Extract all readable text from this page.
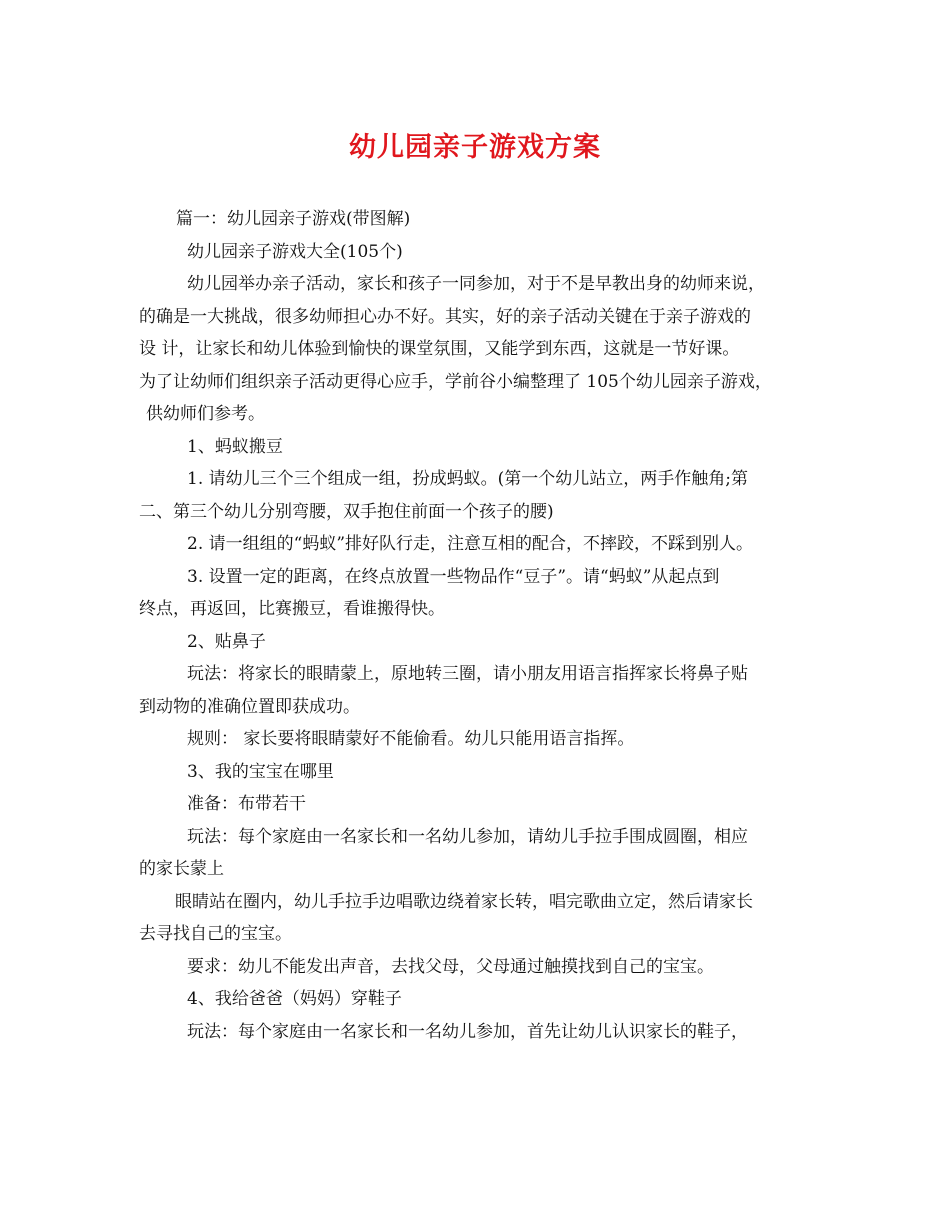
幼儿园亲子游戏方案

篇一：幼儿园亲子游戏(带图解)

幼儿园亲子游戏大全(105个)

幼儿园举办亲子活动，家长和孩子一同参加，对于不是早教出身的幼师来说，

的确是一大挑战，很多幼师担心办不好。其实，好的亲子活动关键在于亲子游戏的

设 计，让家长和幼儿体验到愉快的课堂氛围，又能学到东西，这就是一节好课。

为了让幼师们组织亲子活动更得心应手，学前谷小编整理了 105个幼儿园亲子游戏，

供幼师们参考。

1、蚂蚁搬豆

1. 请幼儿三个三个组成一组，扮成蚂蚁。(第一个幼儿站立，两手作触角;第

二、第三个幼儿分别弯腰，双手抱住前面一个孩子的腰)

2. 请一组组的“蚂蚁”排好队行走，注意互相的配合，不摔跤，不踩到别人。

3. 设置一定的距离，在终点放置一些物品作“豆子”。请“蚂蚁”从起点到

终点，再返回，比赛搬豆，看谁搬得快。

2、贴鼻子

玩法：将家长的眼睛蒙上，原地转三圈，请小朋友用语言指挥家长将鼻子贴

到动物的准确位置即获成功。

规则： 家长要将眼睛蒙好不能偷看。幼儿只能用语言指挥。

3、我的宝宝在哪里

准备：布带若干

玩法：每个家庭由一名家长和一名幼儿参加，请幼儿手拉手围成圆圈，相应

的家长蒙上

眼睛站在圈内，幼儿手拉手边唱歌边绕着家长转，唱完歌曲立定，然后请家长

去寻找自己的宝宝。

要求：幼儿不能发出声音，去找父母，父母通过触摸找到自己的宝宝。

4、我给爸爸（妈妈）穿鞋子

玩法：每个家庭由一名家长和一名幼儿参加，首先让幼儿认识家长的鞋子，
